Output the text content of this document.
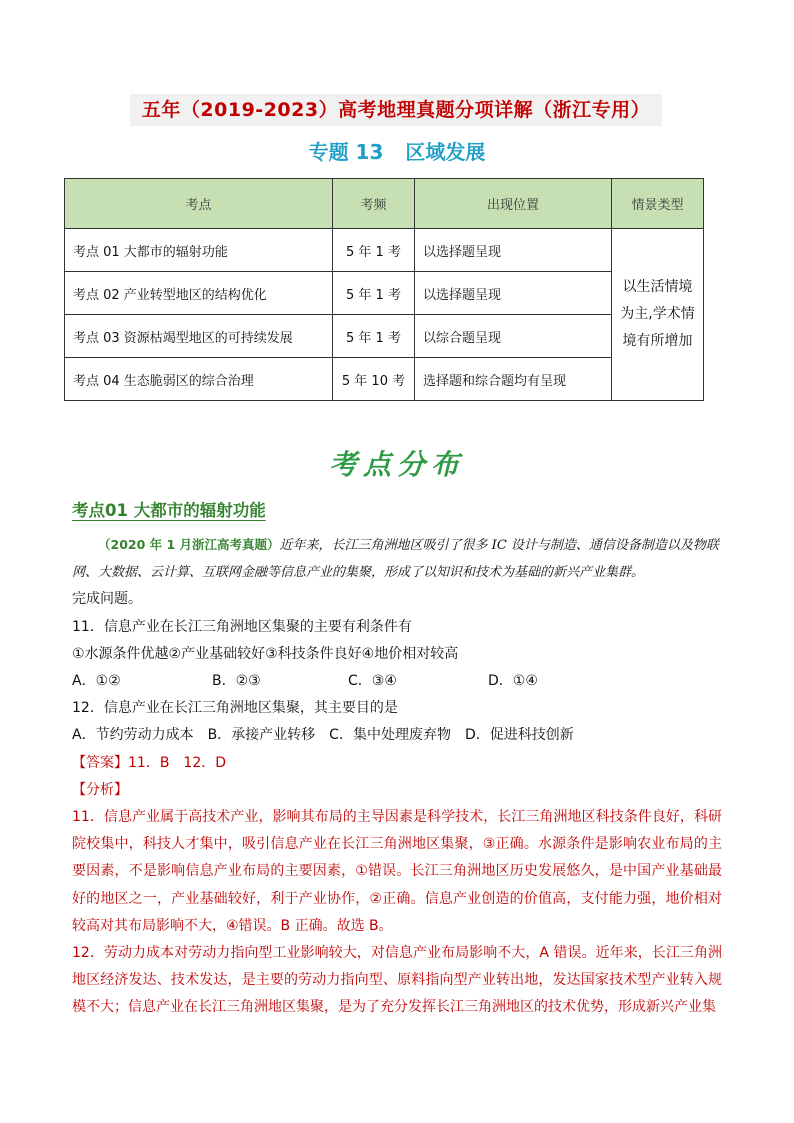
五年（2019-2023）高考地理真题分项详解（浙江专用）
专题 13 区域发展
考点	考频	出现位置	情景类型
考点 01 大都市的辐射功能	5 年 1 考	以选择题呈现	以生活情境为主,学术情境有所增加
考点 02 产业转型地区的结构优化	5 年 1 考	以选择题呈现	
考点 03 资源枯竭型地区的可持续发展	5 年 1 考	以综合题呈现	
考点 04 生态脆弱区的综合治理	5 年 10 考	选择题和综合题均有呈现	
考点分布
考点01 大都市的辐射功能

（2020 年 1 月浙江高考真题）近年来，长江三角洲地区吸引了很多 IC 设计与制造、通信设备制造以及物联网、大数据、云计算、互联网金融等信息产业的集聚，形成了以知识和技术为基础的新兴产业集群。

完成问题。

11．信息产业在长江三角洲地区集聚的主要有利条件有

①水源条件优越②产业基础较好③科技条件良好④地价相对较高

A．①②	B．②③	C．③④	D．①④

12．信息产业在长江三角洲地区集聚，其主要目的是

A．节约劳动力成本　B．承接产业转移　C．集中处理废弃物　D．促进科技创新

【答案】11．B　12．D

【分析】

11．信息产业属于高技术产业，影响其布局的主导因素是科学技术，长江三角洲地区科技条件良好，科研院校集中，科技人才集中，吸引信息产业在长江三角洲地区集聚，③正确。水源条件是影响农业布局的主要因素，不是影响信息产业布局的主要因素，①错误。长江三角洲地区历史发展悠久，是中国产业基础最好的地区之一，产业基础较好，利于产业协作，②正确。信息产业创造的价值高，支付能力强，地价相对较高对其布局影响不大，④错误。B 正确。故选 B。

12．劳动力成本对劳动力指向型工业影响较大，对信息产业布局影响不大，A 错误。近年来，长江三角洲地区经济发达、技术发达，是主要的劳动力指向型、原料指向型产业转出地，发达国家技术型产业转入规模不大；信息产业在长江三角洲地区集聚，是为了充分发挥长江三角洲地区的技术优势，形成新兴产业集
